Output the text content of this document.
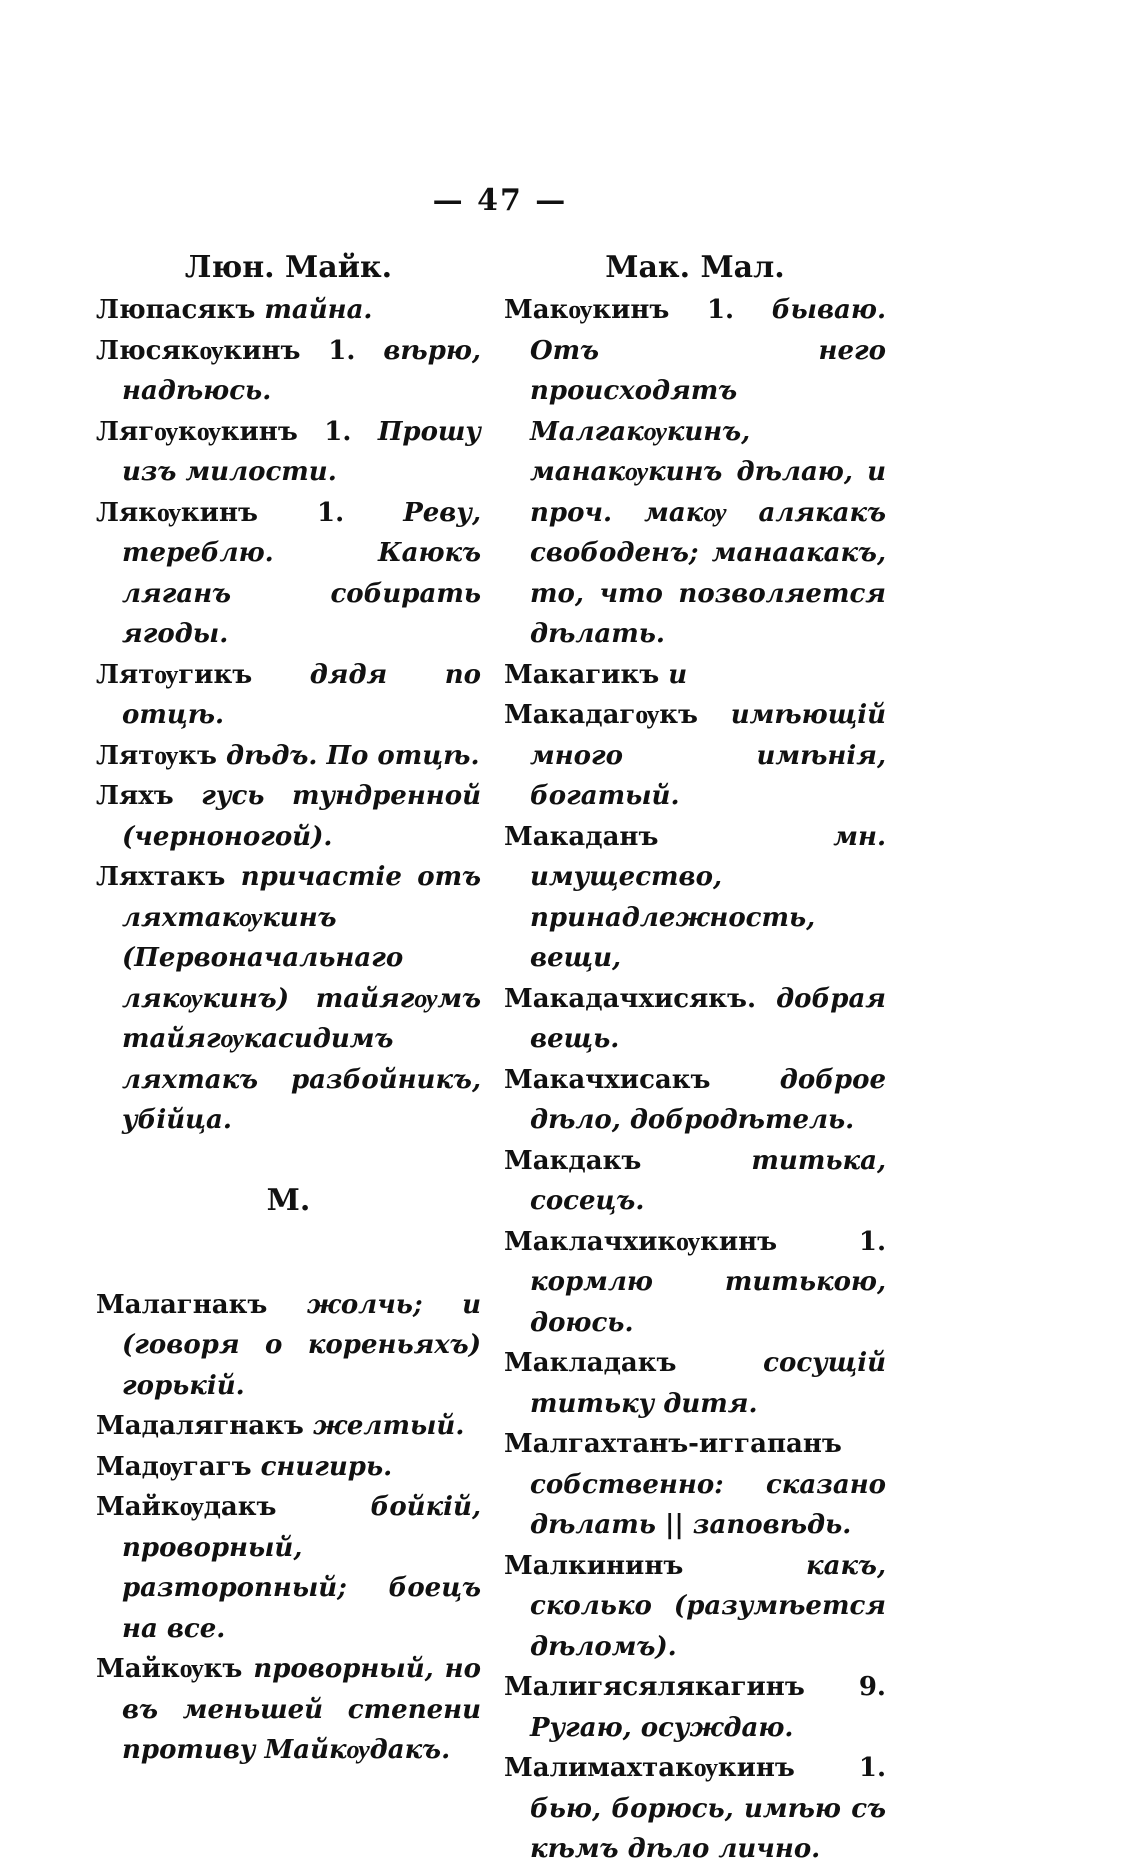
— 47 —
Люн. Майк.
Люпасякъ тайна.
Люсякѹкинъ 1. вѣрю, надѣюсь.
Лягѹкѹкинъ 1. Прошу изъ милости.
Лякѹкинъ 1. Реву, тереблю. Каюкъ ляганъ собирать ягоды.
Лятѹгикъ дядя по отцѣ.
Лятѹкъ дѣдъ. По отцѣ.
Ляхъ гусь тундренной (черноногой).
Ляхтакъ причастіе отъ ляхтакѹкинъ (Первоначальнаго лякѹкинъ) тайягѹмъ тайягѹкасидимъ ляхтакъ разбойникъ, убійца.
М.
Малагнакъ жолчь; и (говоря о кореньяхъ) горькій.
Мадалягнакъ желтый.
Мадѹгагъ снигирь.
Майкѹдакъ	бойкій, проворный, разторопный; боецъ на все.
Майкѹкъ проворный, но въ меньшей степени противу Майкѹдакъ.
Мак. Мал.
Макѹкинъ 1. бываю. Отъ него происходятъ Малгакѹкинъ, манакѹкинъ дѣлаю, и проч. макѹ алякакъ свободенъ; манаакакъ, то, что позволяется дѣлать.
Макагикъ и
Макадагѹкъ имѣющій много имѣнія, богатый.
Макаданъ	мн. имущество, принадлежность, вещи,
Макадачхисякъ. добрая вещь.
Макачхисакъ	доброе дѣло, добродѣтель.
Макдакъ	титька, сосецъ.
Маклачхикѹкинъ 1. кормлю титькою, доюсь.
Макладакъ	сосущій титьку дитя.
Малгахтанъ-иггапанъ собственно: сказано дѣлать || заповѣдь.
Малкининъ	какъ, сколько (разумѣется дѣломъ).
Малигясялякагинъ 9. Ругаю, осуждаю.
Малимахтакѹкинъ 1. бью, борюсь, имѣю съ кѣмъ дѣло лично.
